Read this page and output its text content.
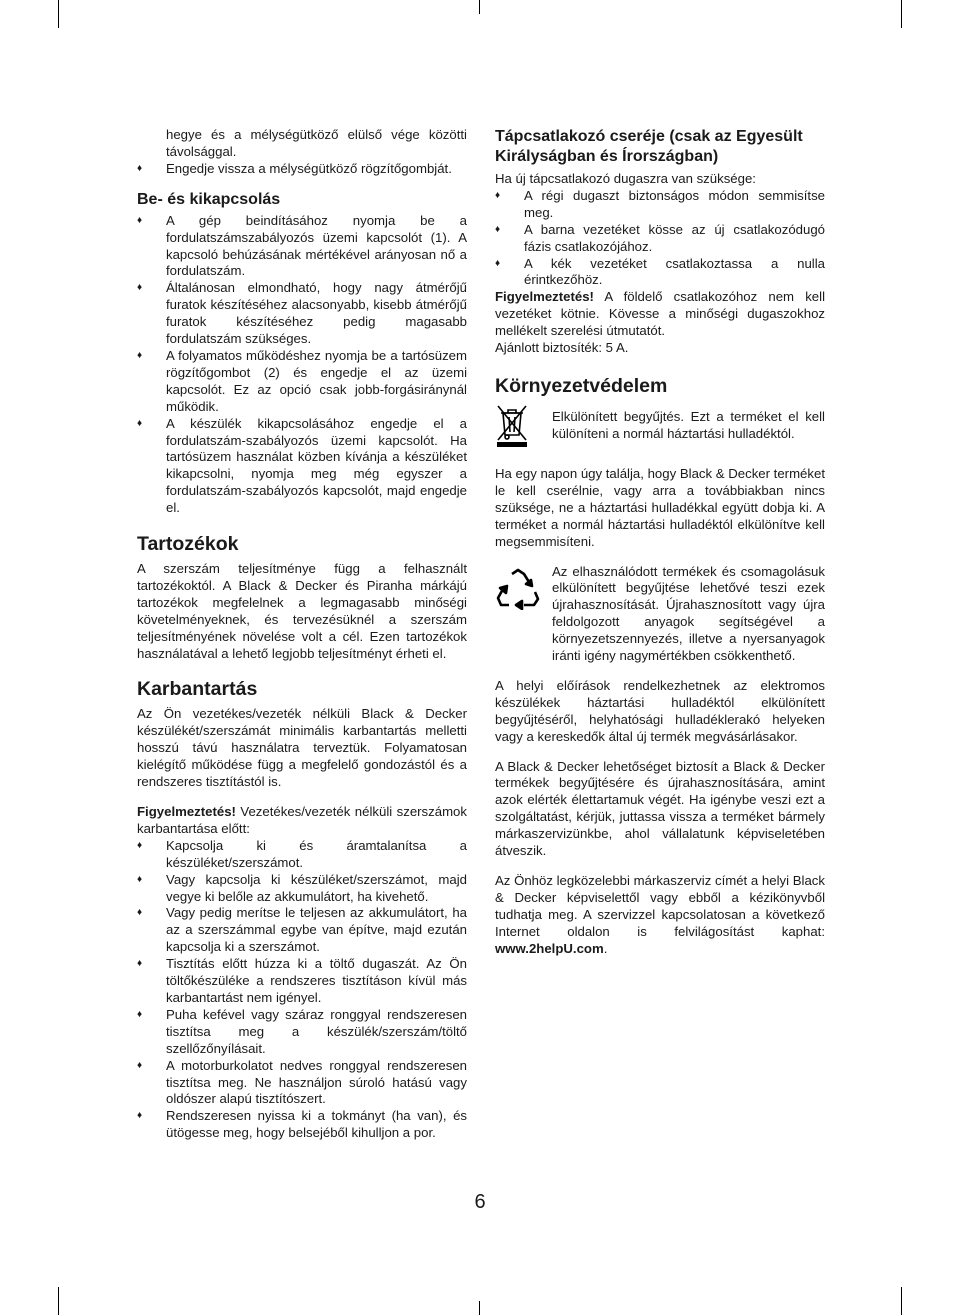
hegye és a mélységütköző elülső vége közötti távolsággal.

♦ Engedje vissza a mélységütköző rögzítőgombját.
Be- és kikapcsolás
♦ A gép beindításához nyomja be a fordulatszámszabályozós üzemi kapcsolót (1). A kapcsoló behúzásának mértékével arányosan nő a fordulatszám.
♦ Általánosan elmondható, hogy nagy átmérőjű furatok készítéséhez alacsonyabb, kisebb átmérőjű furatok készítéséhez pedig magasabb fordulatszám szükséges.
♦ A folyamatos működéshez nyomja be a tartósüzem rögzítőgombot (2) és engedje el az üzemi kapcsolót. Ez az opció csak jobb-forgásiránynál működik.
♦ A készülék kikapcsolásához engedje el a fordulatszám-szabályozós üzemi kapcsolót. Ha tartósüzem használat közben kívánja a készüléket kikapcsolni, nyomja meg még egyszer a fordulatszám-szabályozós kapcsolót, majd engedje el.
Tartozékok

A szerszám teljesítménye függ a felhasznált tartozékoktól. A Black & Decker és Piranha márkájú tartozékok megfelelnek a legmagasabb minőségi követelményeknek, és tervezésüknél a szerszám teljesítményének növelése volt a cél. Ezen tartozékok használatával a lehető legjobb teljesítményt érheti el.

Karbantartás

Az Ön vezetékes/vezeték nélküli Black & Decker készülékét/szerszámát minimális karbantartás melletti hosszú távú használatra terveztük. Folyamatosan kielégítő működése függ a megfelelő gondozástól és a rendszeres tisztítástól is.

Figyelmeztetés! Vezetékes/vezeték nélküli szerszámok karbantartása előtt:

♦ Kapcsolja ki és áramtalanítsa a készüléket/szerszámot.
♦ Vagy kapcsolja ki készüléket/szerszámot, majd vegye ki belőle az akkumulátort, ha kivehető.
♦ Vagy pedig merítse le teljesen az akkumulátort, ha az a szerszámmal egybe van építve, majd ezután kapcsolja ki a szerszámot.
♦ Tisztítás előtt húzza ki a töltő dugaszát. Az Ön töltőkészüléke a rendszeres tisztításon kívül más karbantartást nem igényel.
♦ Puha kefével vagy száraz ronggyal rendszeresen tisztítsa meg a készülék/szerszám/töltő szellőzőnyílásait.
♦ A motorburkolatot nedves ronggyal rendszeresen tisztítsa meg. Ne használjon súroló hatású vagy oldószer alapú tisztítószert.
♦ Rendszeresen nyissa ki a tokmányt (ha van), és ütögesse meg, hogy belsejéből kihulljon a por.
Tápcsatlakozó cseréje (csak az Egyesült Királyságban és Írországban)

Ha új tápcsatlakozó dugaszra van szüksége:

♦ A régi dugaszt biztonságos módon semmisítse meg.
♦ A barna vezetéket kösse az új csatlakozódugó fázis csatlakozójához.
♦ A kék vezetéket csatlakoztassa a nulla érintkezőhöz.

Figyelmeztetés! A földelő csatlakozóhoz nem kell vezetéket kötnie. Kövesse a minőségi dugaszokhoz mellékelt szerelési útmutatót.

Ajánlott biztosíték: 5 A.

Környezetvédelem

Elkülönített begyűjtés. Ezt a terméket el kell különíteni a normál háztartási hulladéktól.

Ha egy napon úgy találja, hogy Black & Decker terméket le kell cserélnie, vagy arra a továbbiakban nincs szüksége, ne a háztartási hulladékkal együtt dobja ki. A terméket a normál háztartási hulladéktól elkülönítve kell megsemmisíteni.

Az elhasználódott termékek és csomagolásuk elkülönített begyűjtése lehetővé teszi ezek újrahasznosítását. Újrahasznosított vagy újra feldolgozott anyagok segítségével a környezetszennyezés, illetve a nyersanyagok iránti igény nagymértékben csökkenthető.

A helyi előírások rendelkezhetnek az elektromos készülékek háztartási hulladéktól elkülönített begyűjtéséről, helyhatósági hulladéklerakó helyeken vagy a kereskedők által új termék megvásárlásakor.

A Black & Decker lehetőséget biztosít a Black & Decker termékek begyűjtésére és újrahasznosítására, amint azok elérték élettartamuk végét. Ha igénybe veszi ezt a szolgáltatást, kérjük, juttassa vissza a terméket bármely márkaszervizünkbe, ahol vállalatunk képviseletében átveszik.

Az Önhöz legközelebbi márkaszerviz címét a helyi Black & Decker képviselettől vagy ebből a kézikönyvből tudhatja meg. A szervizzel kapcsolatosan a következő Internet oldalon is felvilágosítást kaphat: www.2helpU.com.

6
